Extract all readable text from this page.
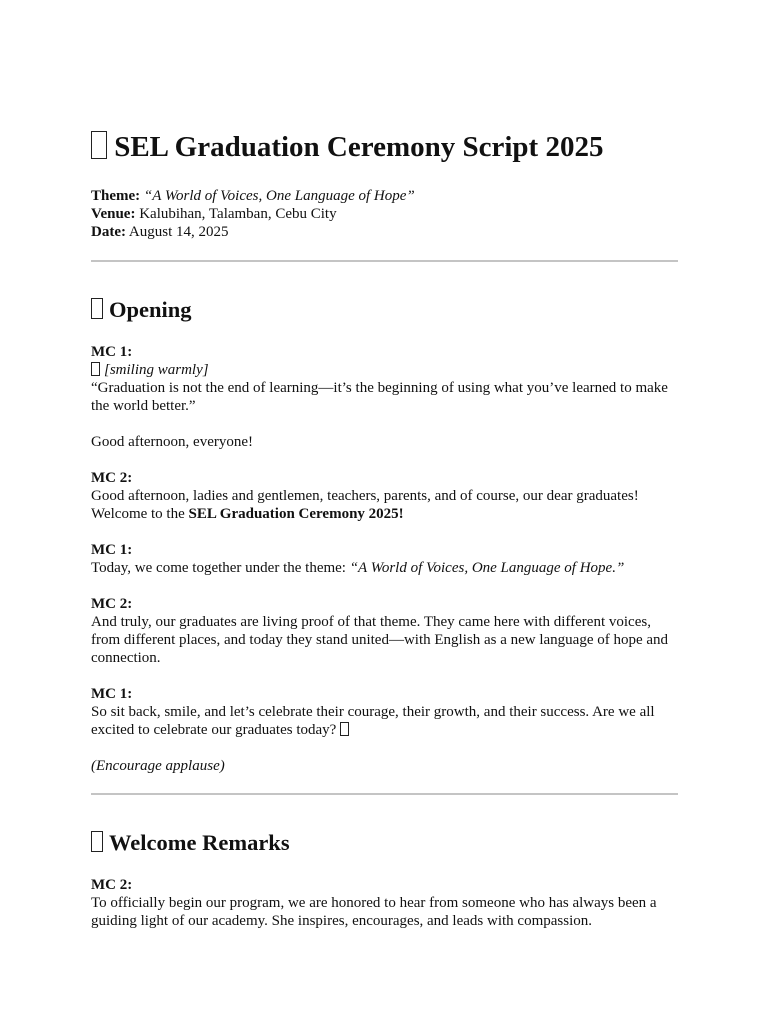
SEL Graduation Ceremony Script 2025

Theme: “A World of Voices, One Language of Hope”

Venue: Kalubihan, Talamban, Cebu City

Date: August 14, 2025

Opening

MC 1:

[smiling warmly]

“Graduation is not the end of learning—it’s the beginning of using what you’ve learned to make the world better.”

Good afternoon, everyone!

MC 2:

Good afternoon, ladies and gentlemen, teachers, parents, and of course, our dear graduates!

Welcome to the SEL Graduation Ceremony 2025!

MC 1:

Today, we come together under the theme: “A World of Voices, One Language of Hope.”

MC 2:

And truly, our graduates are living proof of that theme. They came here with different voices, from different places, and today they stand united—with English as a new language of hope and connection.

MC 1:

So sit back, smile, and let’s celebrate their courage, their growth, and their success. Are we all excited to celebrate our graduates today?

(Encourage applause)

Welcome Remarks

MC 2:

To officially begin our program, we are honored to hear from someone who has always been a guiding light of our academy. She inspires, encourages, and leads with compassion.
